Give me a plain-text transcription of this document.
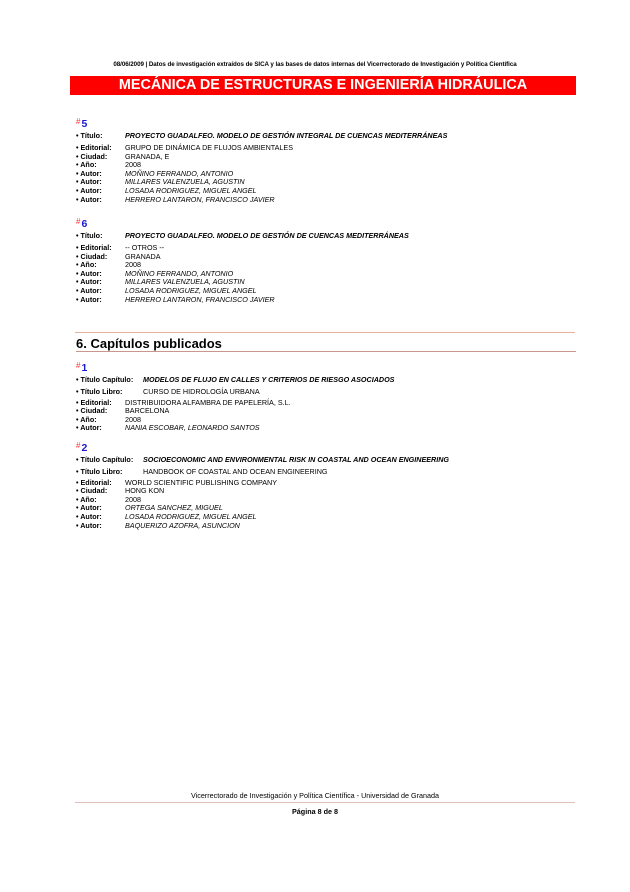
08/06/2009 | Datos de investigación extraídos de SICA y las bases de datos internas del Vicerrectorado de Investigación y Política Científica
MECÁNICA DE ESTRUCTURAS E INGENIERÍA HIDRÁULICA
#5
• Título:	PROYECTO GUADALFEO. MODELO DE GESTIÓN INTEGRAL DE CUENCAS MEDITERRÁNEAS
• Editorial: GRUPO DE DINÁMICA DE FLUJOS AMBIENTALES
• Ciudad: GRANADA, E
• Año:	2008
• Autor:	MOÑINO FERRANDO, ANTONIO
• Autor:	MILLARES VALENZUELA, AGUSTIN
• Autor:	LOSADA RODRIGUEZ, MIGUEL ANGEL
• Autor:	HERRERO LANTARON, FRANCISCO JAVIER
#6
• Título:	PROYECTO GUADALFEO. MODELO DE GESTIÓN DE CUENCAS MEDITERRÁNEAS
• Editorial: -- OTROS --
• Ciudad: GRANADA
• Año:	2008
• Autor:	MOÑINO FERRANDO, ANTONIO
• Autor:	MILLARES VALENZUELA, AGUSTIN
• Autor:	LOSADA RODRIGUEZ, MIGUEL ANGEL
• Autor:	HERRERO LANTARON, FRANCISCO JAVIER
6. Capítulos publicados
#1
• Título Capítulo: MODELOS DE FLUJO EN CALLES Y CRITERIOS DE RIESGO ASOCIADOS
• Título Libro:	CURSO DE HIDROLOGÍA URBANA
• Editorial: DISTRIBUIDORA ALFAMBRA DE PAPELERÍA, S.L.
• Ciudad: BARCELONA
• Año:	2008
• Autor:	NANIA ESCOBAR, LEONARDO SANTOS
#2
• Título Capítulo: SOCIOECONOMIC AND ENVIRONMENTAL RISK IN COASTAL AND OCEAN ENGINEERING
• Título Libro:	HANDBOOK OF COASTAL AND OCEAN ENGINEERING
• Editorial: WORLD SCIENTIFIC PUBLISHING COMPANY
• Ciudad: HONG KON
• Año:	2008
• Autor:	ORTEGA SANCHEZ, MIGUEL
• Autor:	LOSADA RODRIGUEZ, MIGUEL ANGEL
• Autor:	BAQUERIZO AZOFRA, ASUNCION
Vicerrectorado de Investigación y Política Científica - Universidad de Granada
Página 8 de 8
